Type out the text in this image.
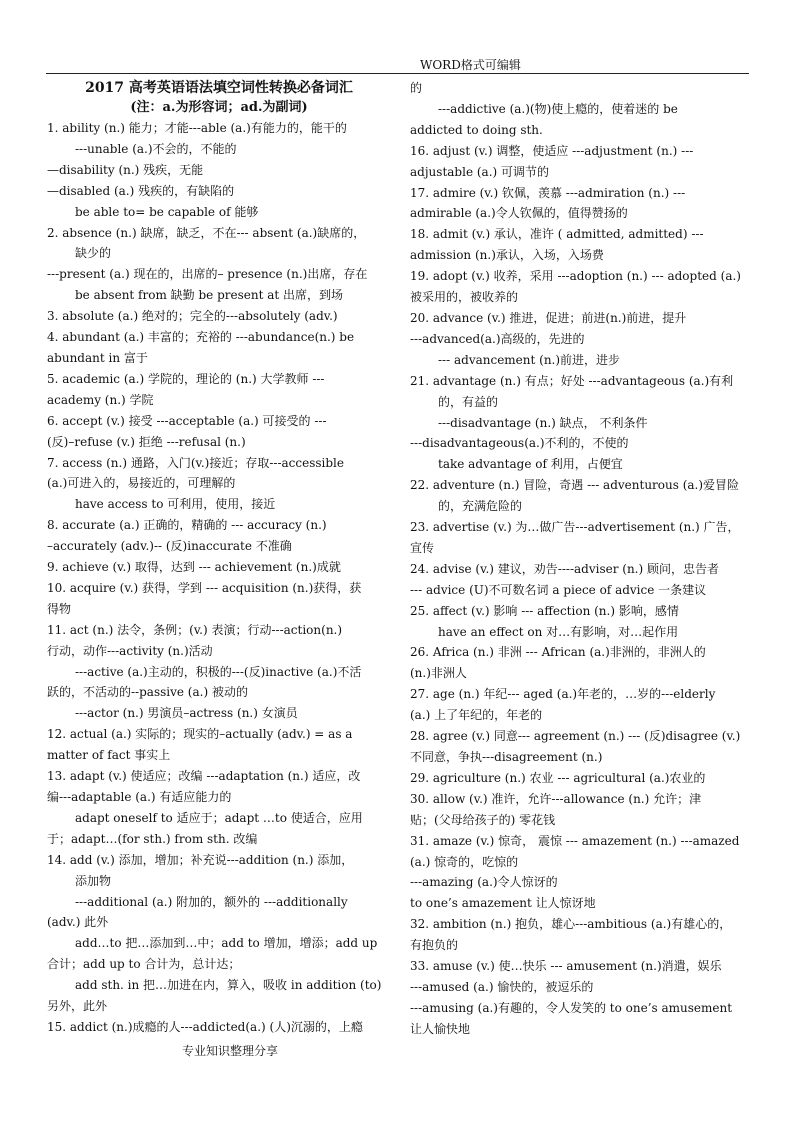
WORD格式可编辑
2017 高考英语语法填空词性转换必备词汇
(注：a.为形容词；ad.为副词)
1. ability (n.) 能力；才能---able (a.)有能力的，能干的
---unable (a.)不会的，不能的
—disability (n.) 残疾，无能
—disabled (a.) 残疾的，有缺陷的
be able to= be capable of 能够
2. absence (n.) 缺席，缺乏，不在--- absent (a.)缺席的，
缺少的
---present (a.) 现在的，出席的– presence (n.)出席，存在
be absent from 缺勤 be present at 出席，到场
3. absolute (a.) 绝对的；完全的---absolutely (adv.)
4. abundant (a.) 丰富的；充裕的 ---abundance(n.) be
abundant in 富于
5. academic (a.) 学院的，理论的 (n.) 大学教师 ---
academy (n.) 学院
6. accept (v.) 接受 ---acceptable (a.) 可接受的 ---
(反)–refuse (v.) 拒绝 ---refusal (n.)
7. access (n.) 通路，入门(v.)接近；存取---accessible
(a.)可进入的，易接近的，可理解的
have access to 可利用，使用，接近
8. accurate (a.) 正确的，精确的 --- accuracy (n.)
–accurately (adv.)-- (反)inaccurate 不准确
9. achieve (v.) 取得，达到 --- achievement (n.)成就
10. acquire (v.) 获得，学到 --- acquisition (n.)获得，获
得物
11. act (n.) 法令，条例；(v.) 表演；行动---action(n.)
行动，动作---activity (n.)活动
---active (a.)主动的，积极的---(反)inactive (a.)不活
跃的，不活动的--passive (a.) 被动的
---actor (n.) 男演员–actress (n.) 女演员
12. actual (a.) 实际的；现实的–actually (adv.) = as a
matter of fact 事实上
13. adapt (v.) 使适应；改编 ---adaptation (n.) 适应，改
编---adaptable (a.) 有适应能力的
adapt oneself to 适应于；adapt …to 使适合，应用
于；adapt…(for sth.) from sth. 改编
14. add (v.) 添加，增加；补充说---addition (n.) 添加，
添加物
---additional (a.) 附加的，额外的 ---additionally
(adv.) 此外
add…to 把…添加到…中；add to 增加，增添；add up
合计；add up to 合计为，总计达；
add sth. in 把…加进在内，算入，吸收 in addition (to)
另外，此外
15. addict (n.)成瘾的人---addicted(a.) (人)沉溺的，上瘾
的
---addictive (a.)(物)使上瘾的，使着迷的 be
addicted to doing sth.
16. adjust (v.) 调整，使适应 ---adjustment (n.) ---
adjustable (a.) 可调节的
17. admire (v.) 钦佩，羡慕 ---admiration (n.) ---
admirable (a.)令人钦佩的，值得赞扬的
18. admit (v.) 承认，准许 ( admitted, admitted) ---
admission (n.)承认，入场，入场费
19. adopt (v.) 收养，采用 ---adoption (n.) --- adopted (a.)
被采用的，被收养的
20. advance (v.) 推进，促进；前进(n.)前进，提升
---advanced(a.)高级的，先进的
--- advancement (n.)前进，进步
21. advantage (n.) 有点；好处 ---advantageous (a.)有利
的，有益的
---disadvantage (n.) 缺点， 不利条件
---disadvantageous(a.)不利的，不使的
take advantage of 利用，占便宜
22. adventure (n.) 冒险，奇遇 --- adventurous (a.)爱冒险
的，充满危险的
23. advertise (v.) 为…做广告---advertisement (n.) 广告，
宣传
24. advise (v.) 建议，劝告----adviser (n.) 顾问，忠告者
--- advice (U)不可数名词 a piece of advice 一条建议
25. affect (v.) 影响 --- affection (n.) 影响，感情
have an effect on 对…有影响，对…起作用
26. Africa (n.) 非洲 --- African (a.)非洲的，非洲人的
(n.)非洲人
27. age (n.) 年纪--- aged (a.)年老的，…岁的---elderly
(a.) 上了年纪的，年老的
28. agree (v.) 同意--- agreement (n.) --- (反)disagree (v.)
不同意，争执---disagreement (n.)
29. agriculture (n.) 农业 --- agricultural (a.)农业的
30. allow (v.) 准许，允许---allowance (n.) 允许；津
贴；(父母给孩子的) 零花钱
31. amaze (v.) 惊奇， 震惊 --- amazement (n.) ---amazed
(a.) 惊奇的，吃惊的
---amazing (a.)令人惊讶的
to one’s amazement 让人惊讶地
32. ambition (n.) 抱负，雄心---ambitious (a.)有雄心的，
有抱负的
33. amuse (v.) 使…快乐 --- amusement (n.)消遣，娱乐
---amused (a.) 愉快的，被逗乐的
---amusing (a.)有趣的，令人发笑的 to one’s amusement
让人愉快地
专业知识整理分享
